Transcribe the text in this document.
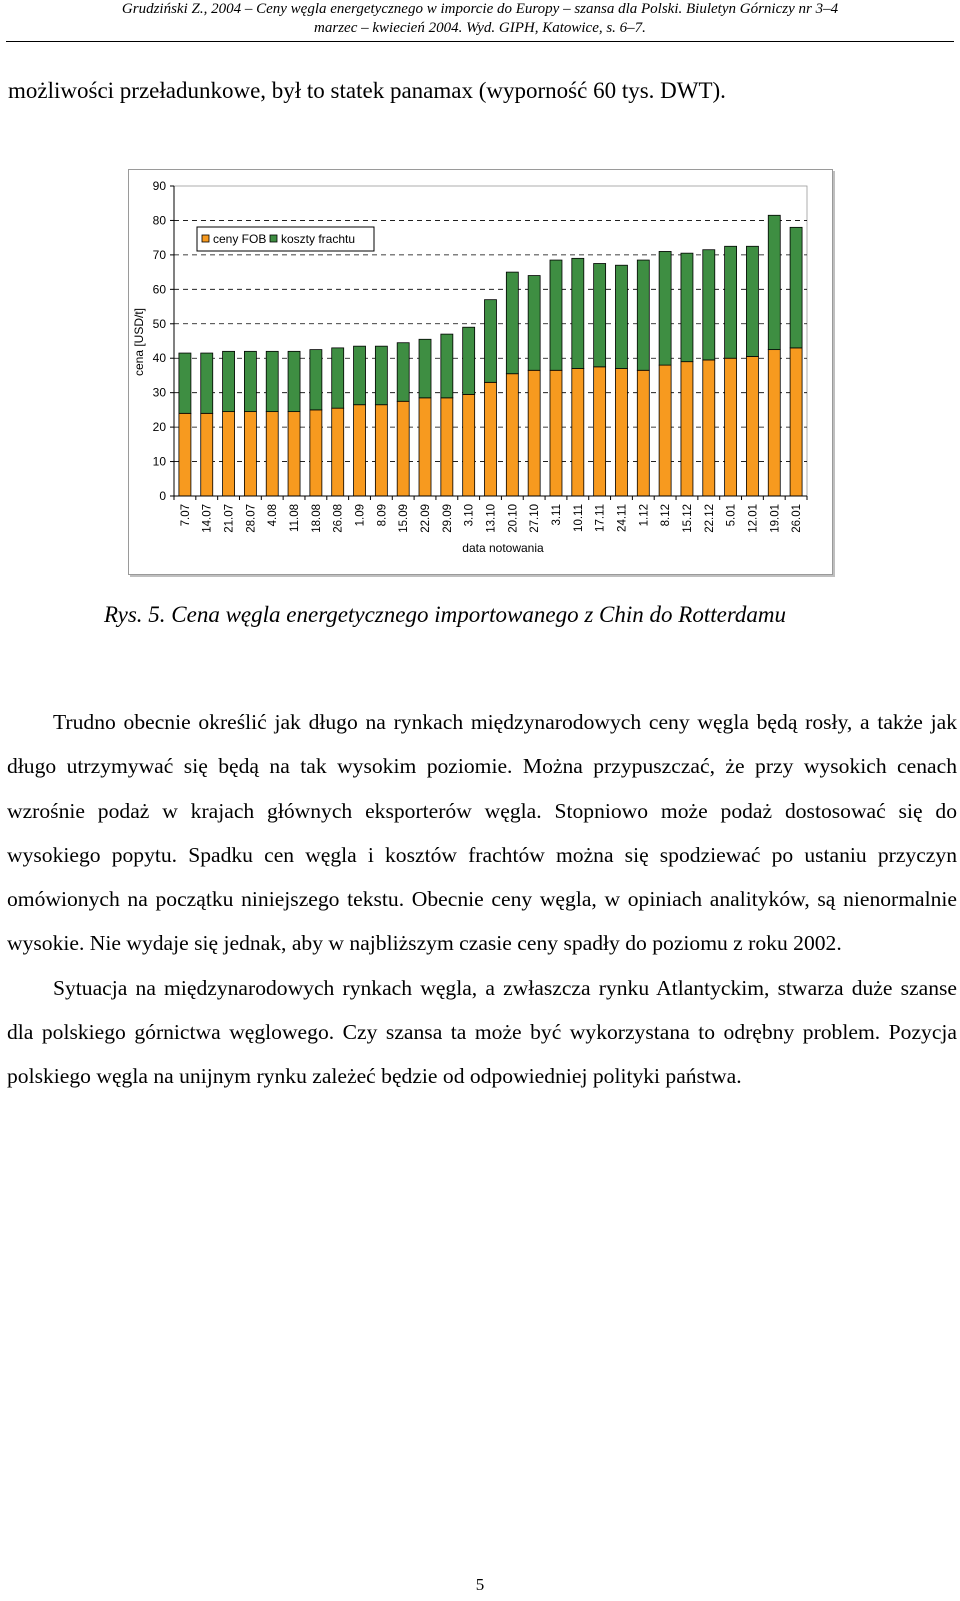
Grudziński Z., 2004 – Ceny węgla energetycznego w imporcie do Europy – szansa dla Polski. Biuletyn Górniczy nr 3–4
marzec – kwiecień 2004. Wyd. GIPH, Katowice, s. 6–7.
możliwości przeładunkowe, był to statek panamax (wyporność 60 tys. DWT).
0
10
20
30
40
50
60
70
80
90
7.07 14.07 21.07 28.07 4.08 11.08 18.08 26.08 1.09 8.09 15.09 22.09 29.09 3.10 13.10 20.10 27.10 3.11 10.11 17.11 24.11 1.12 8.12 15.12 22.12 5.01 12.01 19.01 26.01
ceny FOB koszty frachtu
cena [USD/t]
data notowania
Rys. 5. Cena węgla energetycznego importowanego z Chin do Rotterdamu

Trudno obecnie określić jak długo na rynkach międzynarodowych ceny węgla będą rosły, a także jak długo utrzymywać się będą na tak wysokim poziomie. Można przypuszczać, że przy wysokich cenach wzrośnie podaż w krajach głównych eksporterów węgla. Stopniowo może podaż dostosować się do wysokiego popytu. Spadku cen węgla i kosztów frachtów można się spodziewać po ustaniu przyczyn omówionych na początku niniejszego tekstu. Obecnie ceny węgla, w opiniach analityków, są nienormalnie wysokie. Nie wydaje się jednak, aby w najbliższym czasie ceny spadły do poziomu z roku 2002.

Sytuacja na międzynarodowych rynkach węgla, a zwłaszcza rynku Atlantyckim, stwarza duże szanse dla polskiego górnictwa węglowego. Czy szansa ta może być wykorzystana to odrębny problem. Pozycja polskiego węgla na unijnym rynku zależeć będzie od odpowiedniej polityki państwa.

5
